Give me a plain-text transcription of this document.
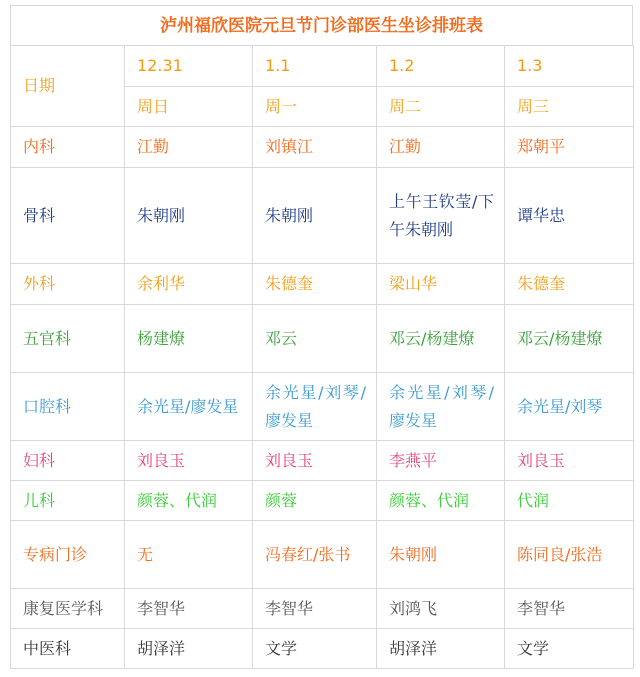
泸州福欣医院元旦节门诊部医生坐诊排班表
日期	12.31	1.1	1.2	1.3
	周日	周一	周二	周三
内科	江勤	刘镇江	江勤	郑朝平
骨科	朱朝刚	朱朝刚	上午王钦莹/下午朱朝刚	谭华忠
外科	余利华	朱德奎	梁山华	朱德奎
五官科	杨建燎	邓云	邓云/杨建燎	邓云/杨建燎
口腔科	余光星/廖发星	余光星/刘琴/廖发星	余光星/刘琴/廖发星	余光星/刘琴
妇科	刘良玉	刘良玉	李燕平	刘良玉
儿科	颜蓉、代润	颜蓉	颜蓉、代润	代润
专病门诊	无	冯春红/张书	朱朝刚	陈同良/张浩
康复医学科	李智华	李智华	刘鸿飞	李智华
中医科	胡泽洋	文学	胡泽洋	文学
